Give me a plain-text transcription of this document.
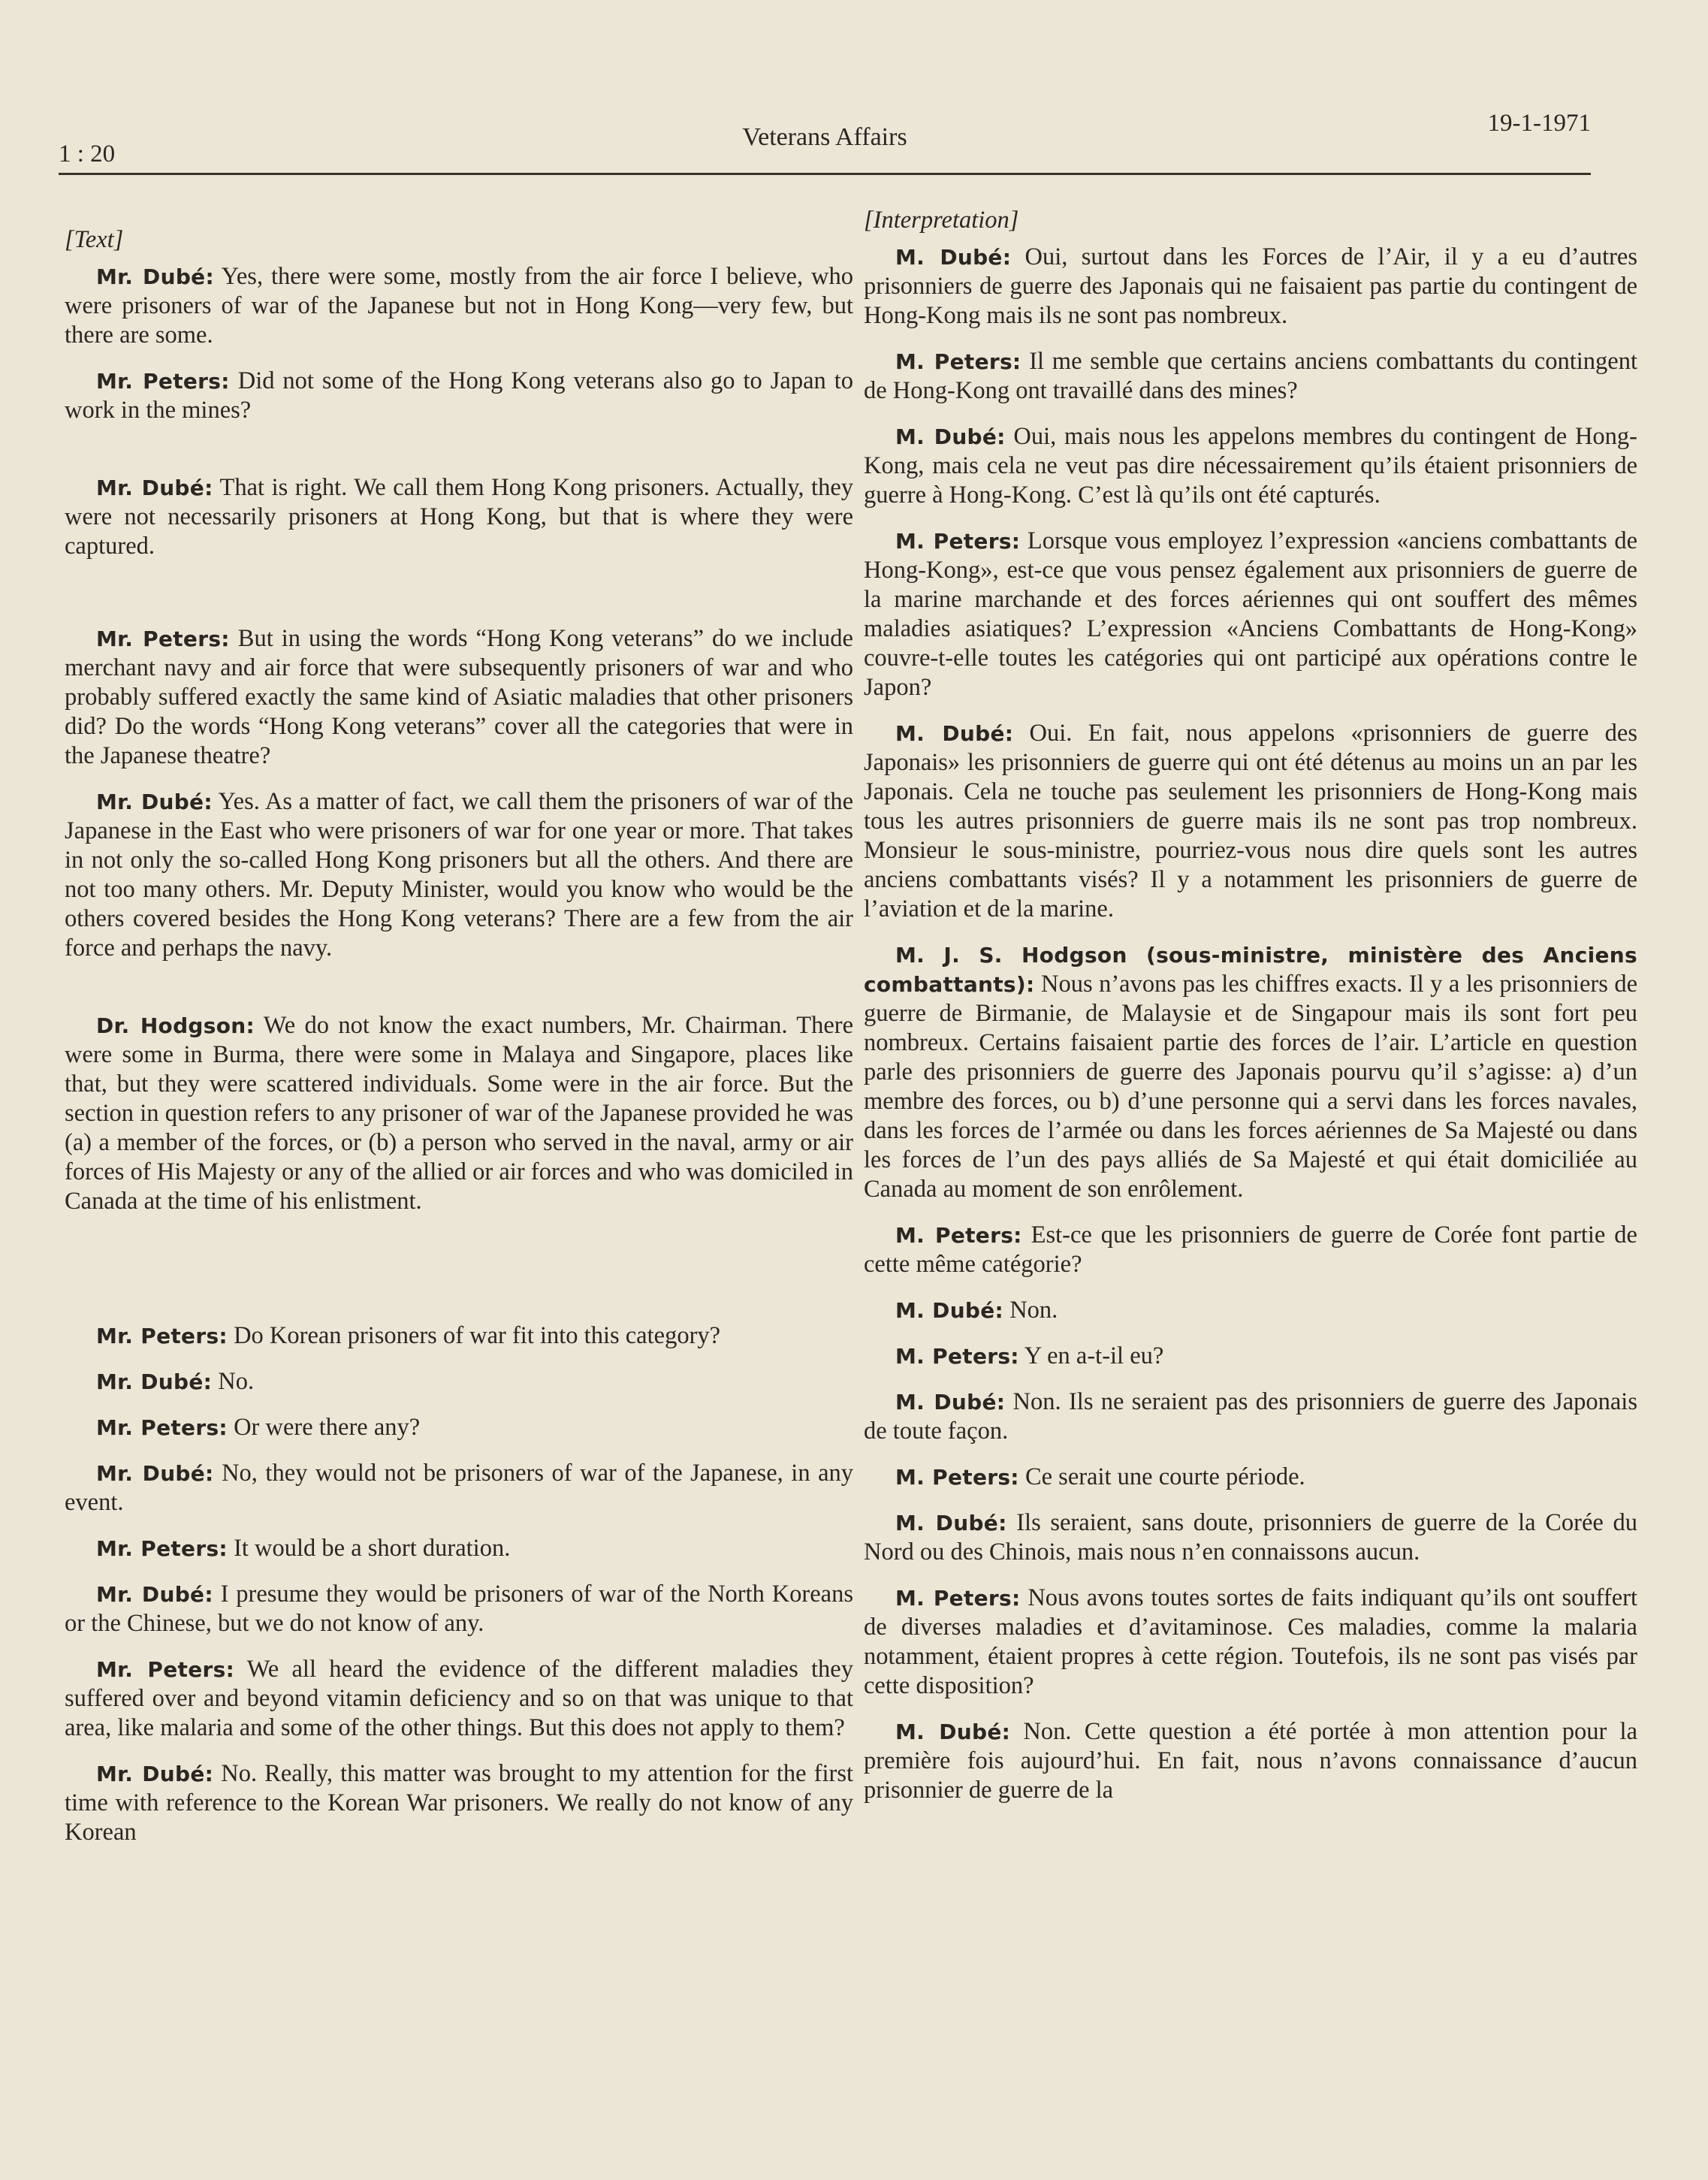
1 : 20
Veterans Affairs	19-1-1971
[Text]

Mr. Dubé: Yes, there were some, mostly from the air force I believe, who were prisoners of war of the Japanese but not in Hong Kong—very few, but there are some.

Mr. Peters: Did not some of the Hong Kong veterans also go to Japan to work in the mines?

Mr. Dubé: That is right. We call them Hong Kong prisoners. Actually, they were not necessarily prisoners at Hong Kong, but that is where they were captured.

Mr. Peters: But in using the words “Hong Kong veterans” do we include merchant navy and air force that were subsequently prisoners of war and who probably suffered exactly the same kind of Asiatic maladies that other prisoners did? Do the words “Hong Kong veterans” cover all the categories that were in the Japanese theatre?

Mr. Dubé: Yes. As a matter of fact, we call them the prisoners of war of the Japanese in the East who were prisoners of war for one year or more. That takes in not only the so-called Hong Kong prisoners but all the others. And there are not too many others. Mr. Deputy Minister, would you know who would be the others covered besides the Hong Kong veterans? There are a few from the air force and perhaps the navy.

Dr. Hodgson: We do not know the exact numbers, Mr. Chairman. There were some in Burma, there were some in Malaya and Singapore, places like that, but they were scattered individuals. Some were in the air force. But the section in question refers to any prisoner of war of the Japanese provided he was (a) a member of the forces, or (b) a person who served in the naval, army or air forces of His Majesty or any of the allied or air forces and who was domiciled in Canada at the time of his enlistment.

Mr. Peters: Do Korean prisoners of war fit into this category?

Mr. Dubé: No.

Mr. Peters: Or were there any?

Mr. Dubé: No, they would not be prisoners of war of the Japanese, in any event.

Mr. Peters: It would be a short duration.

Mr. Dubé: I presume they would be prisoners of war of the North Koreans or the Chinese, but we do not know of any.

Mr. Peters: We all heard the evidence of the different maladies they suffered over and beyond vitamin deficiency and so on that was unique to that area, like malaria and some of the other things. But this does not apply to them?

Mr. Dubé: No. Really, this matter was brought to my attention for the first time with reference to the Korean War prisoners. We really do not know of any Korean

[Interpretation]

M. Dubé: Oui, surtout dans les Forces de l’Air, il y a eu d’autres prisonniers de guerre des Japonais qui ne faisaient pas partie du contingent de Hong-Kong mais ils ne sont pas nombreux.

M. Peters: Il me semble que certains anciens combattants du contingent de Hong-Kong ont travaillé dans des mines?

M. Dubé: Oui, mais nous les appelons membres du contingent de Hong-Kong, mais cela ne veut pas dire nécessairement qu’ils étaient prisonniers de guerre à Hong-Kong. C’est là qu’ils ont été capturés.

M. Peters: Lorsque vous employez l’expression «anciens combattants de Hong-Kong», est-ce que vous pensez également aux prisonniers de guerre de la marine marchande et des forces aériennes qui ont souffert des mêmes maladies asiatiques? L’expression «Anciens Combattants de Hong-Kong» couvre-t-elle toutes les catégories qui ont participé aux opérations contre le Japon?

M. Dubé: Oui. En fait, nous appelons «prisonniers de guerre des Japonais» les prisonniers de guerre qui ont été détenus au moins un an par les Japonais. Cela ne touche pas seulement les prisonniers de Hong-Kong mais tous les autres prisonniers de guerre mais ils ne sont pas trop nombreux. Monsieur le sous-ministre, pourriez-vous nous dire quels sont les autres anciens combattants visés? Il y a notamment les prisonniers de guerre de l’aviation et de la marine.

M. J. S. Hodgson (sous-ministre, ministère des Anciens combattants): Nous n’avons pas les chiffres exacts. Il y a les prisonniers de guerre de Birmanie, de Malaysie et de Singapour mais ils sont fort peu nombreux. Certains faisaient partie des forces de l’air. L’article en question parle des prisonniers de guerre des Japonais pourvu qu’il s’agisse: a) d’un membre des forces, ou b) d’une personne qui a servi dans les forces navales, dans les forces de l’armée ou dans les forces aériennes de Sa Majesté ou dans les forces de l’un des pays alliés de Sa Majesté et qui était domiciliée au Canada au moment de son enrôlement.

M. Peters: Est-ce que les prisonniers de guerre de Corée font partie de cette même catégorie?

M. Dubé: Non.

M. Peters: Y en a-t-il eu?

M. Dubé: Non. Ils ne seraient pas des prisonniers de guerre des Japonais de toute façon.

M. Peters: Ce serait une courte période.

M. Dubé: Ils seraient, sans doute, prisonniers de guerre de la Corée du Nord ou des Chinois, mais nous n’en connaissons aucun.

M. Peters: Nous avons toutes sortes de faits indiquant qu’ils ont souffert de diverses maladies et d’avitaminose. Ces maladies, comme la malaria notamment, étaient propres à cette région. Toutefois, ils ne sont pas visés par cette disposition?

M. Dubé: Non. Cette question a été portée à mon attention pour la première fois aujourd’hui. En fait, nous n’avons connaissance d’aucun prisonnier de guerre de la
